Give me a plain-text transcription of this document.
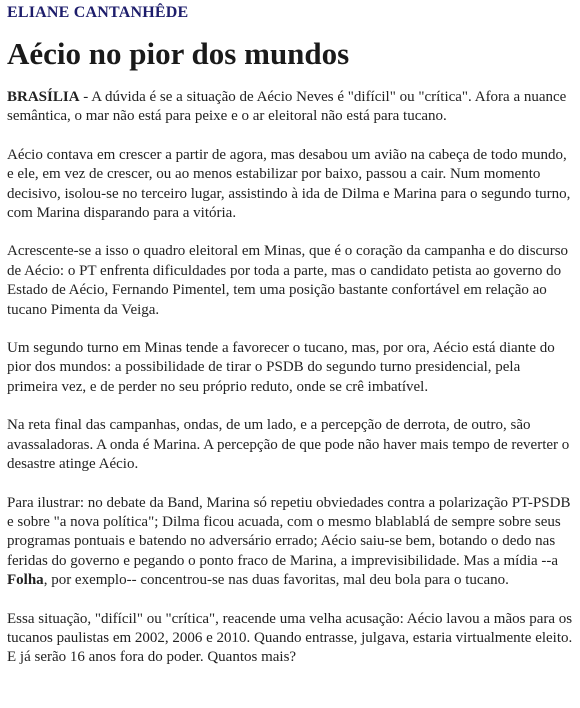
ELIANE CANTANHÊDE
Aécio no pior dos mundos

BRASÍLIA - A dúvida é se a situação de Aécio Neves é "difícil" ou "crítica". Afora a nuance semântica, o mar não está para peixe e o ar eleitoral não está para tucano.

Aécio contava em crescer a partir de agora, mas desabou um avião na cabeça de todo mundo, e ele, em vez de crescer, ou ao menos estabilizar por baixo, passou a cair. Num momento decisivo, isolou-se no terceiro lugar, assistindo à ida de Dilma e Marina para o segundo turno, com Marina disparando para a vitória.

Acrescente-se a isso o quadro eleitoral em Minas, que é o coração da campanha e do discurso de Aécio: o PT enfrenta dificuldades por toda a parte, mas o candidato petista ao governo do Estado de Aécio, Fernando Pimentel, tem uma posição bastante confortável em relação ao tucano Pimenta da Veiga.

Um segundo turno em Minas tende a favorecer o tucano, mas, por ora, Aécio está diante do pior dos mundos: a possibilidade de tirar o PSDB do segundo turno presidencial, pela primeira vez, e de perder no seu próprio reduto, onde se crê imbatível.

Na reta final das campanhas, ondas, de um lado, e a percepção de derrota, de outro, são avassaladoras. A onda é Marina. A percepção de que pode não haver mais tempo de reverter o desastre atinge Aécio.

Para ilustrar: no debate da Band, Marina só repetiu obviedades contra a polarização PT-PSDB e sobre "a nova política"; Dilma ficou acuada, com o mesmo blablablá de sempre sobre seus programas pontuais e batendo no adversário errado; Aécio saiu-se bem, botando o dedo nas feridas do governo e pegando o ponto fraco de Marina, a imprevisibilidade. Mas a mídia --a Folha, por exemplo-- concentrou-se nas duas favoritas, mal deu bola para o tucano.

Essa situação, "difícil" ou "crítica", reacende uma velha acusação: Aécio lavou a mãos para os tucanos paulistas em 2002, 2006 e 2010. Quando entrasse, julgava, estaria virtualmente eleito. E já serão 16 anos fora do poder. Quantos mais?
